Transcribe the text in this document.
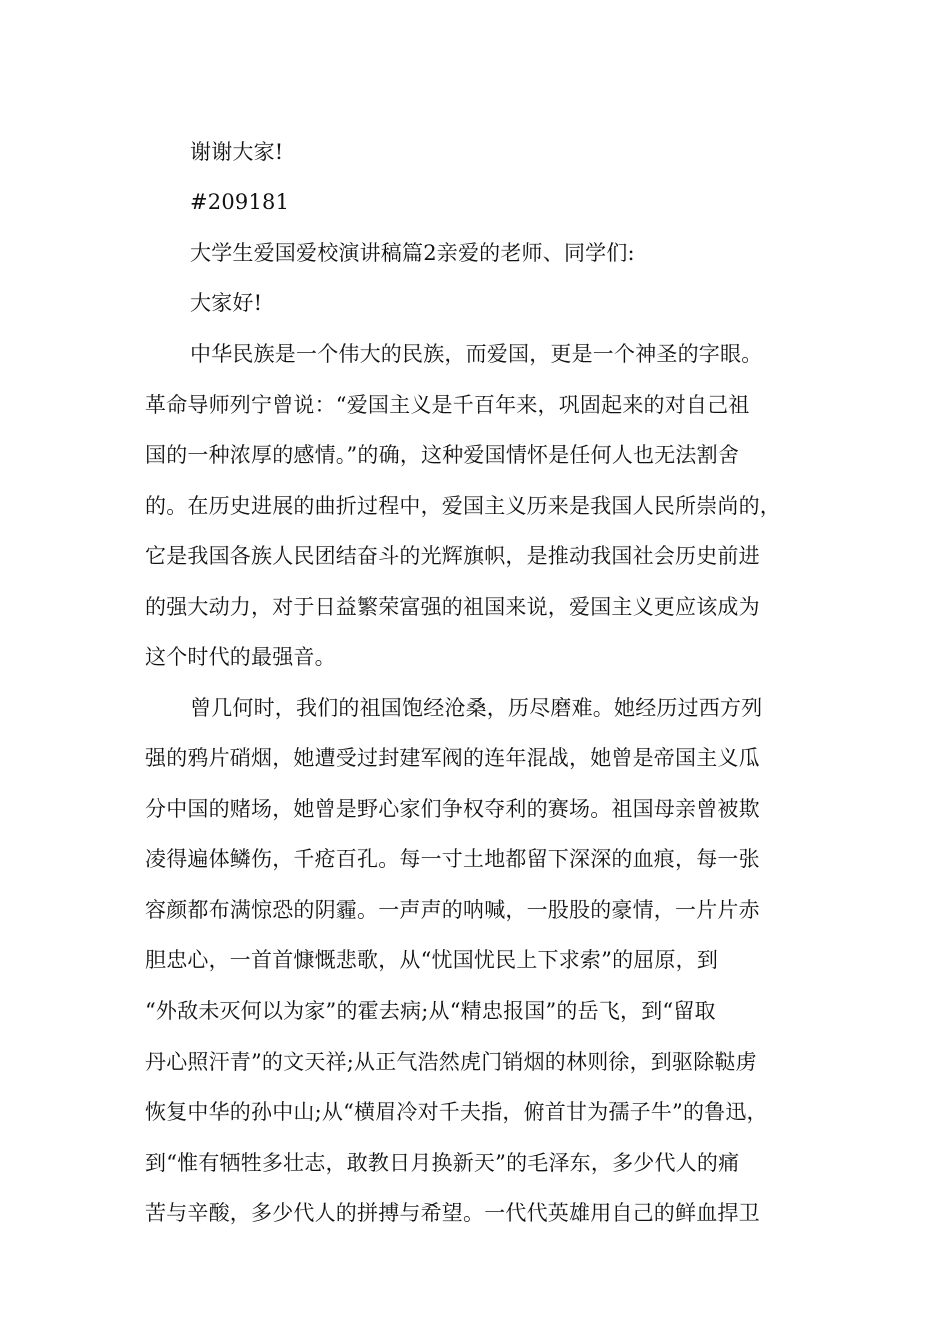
谢谢大家!
#209181
大学生爱国爱校演讲稿篇2亲爱的老师、同学们:
大家好!
中华民族是一个伟大的民族，而爱国，更是一个神圣的字眼。
革命导师列宁曾说：“爱国主义是千百年来，巩固起来的对自己祖
国的一种浓厚的感情。”的确，这种爱国情怀是任何人也无法割舍
的。在历史进展的曲折过程中，爱国主义历来是我国人民所崇尚的，
它是我国各族人民团结奋斗的光辉旗帜，是推动我国社会历史前进
的强大动力，对于日益繁荣富强的祖国来说，爱国主义更应该成为
这个时代的最强音。
曾几何时，我们的祖国饱经沧桑，历尽磨难。她经历过西方列
强的鸦片硝烟，她遭受过封建军阀的连年混战，她曾是帝国主义瓜
分中国的赌场，她曾是野心家们争权夺利的赛场。祖国母亲曾被欺
凌得遍体鳞伤，千疮百孔。每一寸土地都留下深深的血痕，每一张
容颜都布满惊恐的阴霾。一声声的呐喊，一股股的豪情，一片片赤
胆忠心，一首首慷慨悲歌，从“忧国忧民上下求索”的屈原，到
“外敌未灭何以为家”的霍去病;从“精忠报国”的岳飞，到“留取
丹心照汗青”的文天祥;从正气浩然虎门销烟的林则徐，到驱除鞑虏
恢复中华的孙中山;从“横眉冷对千夫指，俯首甘为孺子牛”的鲁迅，
到“惟有牺牲多壮志，敢教日月换新天”的毛泽东，多少代人的痛
苦与辛酸，多少代人的拼搏与希望。一代代英雄用自己的鲜血捍卫
